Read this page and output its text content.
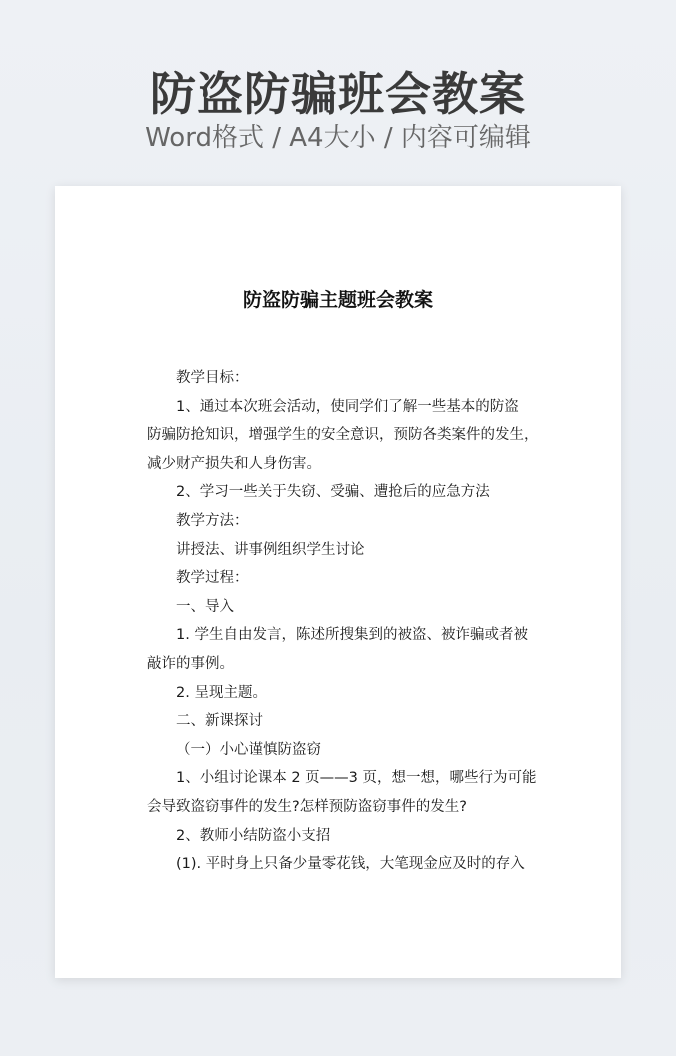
防盗防骗班会教案
Word格式 / A4大小 / 内容可编辑
防盗防骗主题班会教案

教学目标：

1、通过本次班会活动，使同学们了解一些基本的防盗

防骗防抢知识，增强学生的安全意识，预防各类案件的发生，

减少财产损失和人身伤害。

2、学习一些关于失窃、受骗、遭抢后的应急方法

教学方法：

讲授法、讲事例组织学生讨论

教学过程：

一、导入

1. 学生自由发言，陈述所搜集到的被盗、被诈骗或者被

敲诈的事例。

2. 呈现主题。

二、新课探讨

（一）小心谨慎防盗窃

1、小组讨论课本 2 页——3 页，想一想，哪些行为可能

会导致盗窃事件的发生?怎样预防盗窃事件的发生?

2、教师小结防盗小支招

(1). 平时身上只备少量零花钱，大笔现金应及时的存入
